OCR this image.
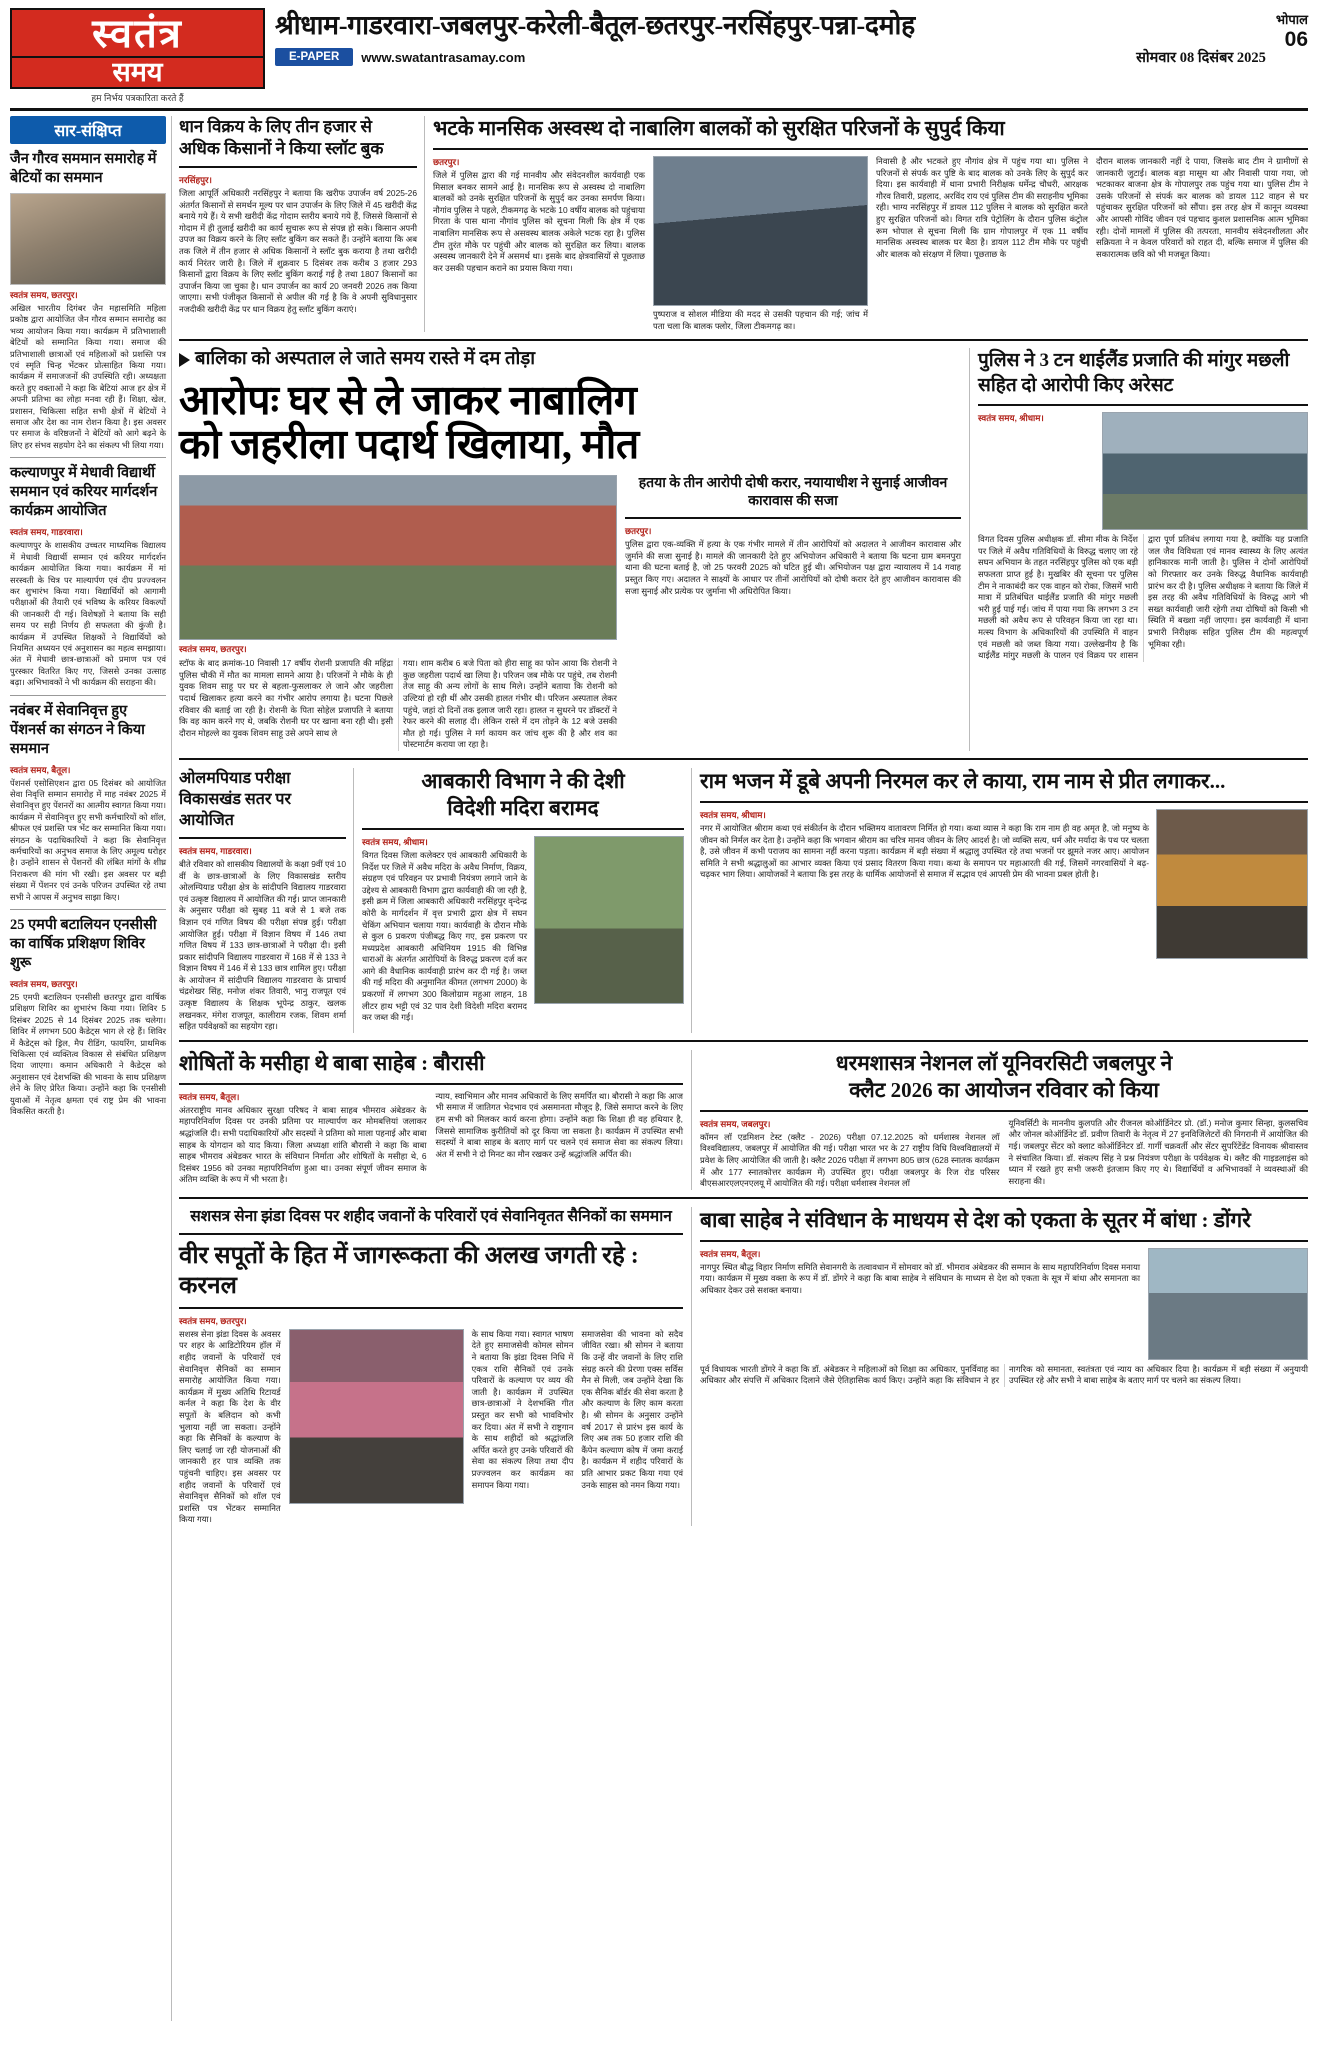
स्वतंत्र
समय
हम निर्भय पत्रकारिता करते हैं
श्रीधाम-गाडरवारा-जबलपुर-करेली-बैतूल-छतरपुर-नरसिंहपुर-पन्ना-दमोह
E-PAPER	www.swatantrasamay.com	सोमवार 08 दिसंबर 2025
भोपाल
06
सार-संक्षिप्त
जैन गौरव सममान समारोह में बेटियों का सममान
स्वतंत्र समय, छतरपुर।
अखिल भारतीय दिगंबर जैन महासमिति महिला प्रकोष्ठ द्वारा आयोजित जैन गौरव सम्मान समारोह का भव्य आयोजन किया गया। कार्यक्रम में प्रतिभाशाली बेटियों को सम्मानित किया गया। समाज की प्रतिभाशाली छात्राओं एवं महिलाओं को प्रशस्ति पत्र एवं स्मृति चिन्ह भेंटकर प्रोत्साहित किया गया। कार्यक्रम में समाजजनों की उपस्थिति रही। अध्यक्षता करते हुए वक्ताओं ने कहा कि बेटियां आज हर क्षेत्र में अपनी प्रतिभा का लोहा मनवा रही हैं। शिक्षा, खेल, प्रशासन, चिकित्सा सहित सभी क्षेत्रों में बेटियों ने समाज और देश का नाम रोशन किया है। इस अवसर पर समाज के वरिष्ठजनों ने बेटियों को आगे बढ़ने के लिए हर संभव सहयोग देने का संकल्प भी लिया गया।
कल्याणपुर में मेधावी विद्यार्थी सममान एवं करियर मार्गदर्शन कार्यक्रम आयोजित
स्वतंत्र समय, गाडरवारा।
कल्याणपुर के शासकीय उच्चतर माध्यमिक विद्यालय में मेधावी विद्यार्थी सम्मान एवं करियर मार्गदर्शन कार्यक्रम आयोजित किया गया। कार्यक्रम में मां सरस्वती के चित्र पर माल्यार्पण एवं दीप प्रज्ज्वलन कर शुभारंभ किया गया। विद्यार्थियों को आगामी परीक्षाओं की तैयारी एवं भविष्य के करियर विकल्पों की जानकारी दी गई। विशेषज्ञों ने बताया कि सही समय पर सही निर्णय ही सफलता की कुंजी है। कार्यक्रम में उपस्थित शिक्षकों ने विद्यार्थियों को नियमित अध्ययन एवं अनुशासन का महत्व समझाया। अंत में मेधावी छात्र-छात्राओं को प्रमाण पत्र एवं पुरस्कार वितरित किए गए, जिससे उनका उत्साह बढ़ा। अभिभावकों ने भी कार्यक्रम की सराहना की।
नवंबर में सेवानिवृत्त हुए पेंशनर्स का संगठन ने किया सममान
स्वतंत्र समय, बैतूल।
पेंशनर्स एसोसिएशन द्वारा 05 दिसंबर को आयोजित सेवा निवृत्ति सम्मान समारोह में माह नवंबर 2025 में सेवानिवृत्त हुए पेंशनरों का आत्मीय स्वागत किया गया। कार्यक्रम में सेवानिवृत्त हुए सभी कर्मचारियों को शॉल, श्रीफल एवं प्रशस्ति पत्र भेंट कर सम्मानित किया गया। संगठन के पदाधिकारियों ने कहा कि सेवानिवृत्त कर्मचारियों का अनुभव समाज के लिए अमूल्य धरोहर है। उन्होंने शासन से पेंशनरों की लंबित मांगों के शीघ्र निराकरण की मांग भी रखी। इस अवसर पर बड़ी संख्या में पेंशनर एवं उनके परिजन उपस्थित रहे तथा सभी ने आपस में अनुभव साझा किए।
25 एमपी बटालियन एनसीसी का वार्षिक प्रशिक्षण शिविर शुरू
स्वतंत्र समय, छतरपुर।
25 एमपी बटालियन एनसीसी छतरपुर द्वारा वार्षिक प्रशिक्षण शिविर का शुभारंभ किया गया। शिविर 5 दिसंबर 2025 से 14 दिसंबर 2025 तक चलेगा। शिविर में लगभग 500 कैडेट्स भाग ले रहे हैं। शिविर में कैडेट्स को ड्रिल, मैप रीडिंग, फायरिंग, प्राथमिक चिकित्सा एवं व्यक्तित्व विकास से संबंधित प्रशिक्षण दिया जाएगा। कमान अधिकारी ने कैडेट्स को अनुशासन एवं देशभक्ति की भावना के साथ प्रशिक्षण लेने के लिए प्रेरित किया। उन्होंने कहा कि एनसीसी युवाओं में नेतृत्व क्षमता एवं राष्ट्र प्रेम की भावना विकसित करती है।
धान विक्रय के लिए तीन हजार से अधिक किसानों ने किया स्लॉट बुक
नरसिंहपुर।
जिला आपूर्ति अधिकारी नरसिंहपुर ने बताया कि खरीफ उपार्जन वर्ष 2025-26 अंतर्गत किसानों से समर्थन मूल्य पर धान उपार्जन के लिए जिले में 45 खरीदी केंद्र बनाये गये हैं। ये सभी खरीदी केंद्र गोदाम स्तरीय बनाये गये हैं, जिससे किसानों से गोदाम में ही तुलाई खरीदी का कार्य सुचारू रूप से संपन्न हो सके। किसान अपनी उपज का विक्रय करने के लिए स्लॉट बुकिंग कर सकते हैं। उन्होंने बताया कि अब तक जिले में तीन हजार से अधिक किसानों ने स्लॉट बुक कराया है तथा खरीदी कार्य निरंतर जारी है। जिले में शुक्रवार 5 दिसंबर तक करीब 3 हजार 293 किसानों द्वारा विक्रय के लिए स्लॉट बुकिंग कराई गई है तथा 1807 किसानों का उपार्जन किया जा चुका है। धान उपार्जन का कार्य 20 जनवरी 2026 तक किया जाएगा। सभी पंजीकृत किसानों से अपील की गई है कि वे अपनी सुविधानुसार नजदीकी खरीदी केंद्र पर धान विक्रय हेतु स्लॉट बुकिंग कराएं।
भटके मानसिक अस्वस्थ दो नाबालिग बालकों को सुरक्षित परिजनों के सुपुर्द किया
छतरपुर।
जिले में पुलिस द्वारा की गई मानवीय और संवेदनशील कार्यवाही एक मिसाल बनकर सामने आई है। मानसिक रूप से अस्वस्थ दो नाबालिग बालकों को उनके सुरक्षित परिजनों के सुपुर्द कर उनका समर्पण किया। नौगांव पुलिस ने पहले, टीकमगढ़ के भटके 10 वर्षीय बालक को पहुंचाया गिरता के पास थाना नौगांव पुलिस को सूचना मिली कि क्षेत्र में एक नाबालिग मानसिक रूप से असवस्थ बालक अकेले भटक रहा है। पुलिस टीम तुरंत मौके पर पहुंची और बालक को सुरक्षित कर लिया। बालक अस्वस्थ जानकारी देने में असमर्थ था। इसके बाद क्षेत्रवासियों से पूछताछ कर उसकी पहचान कराने का प्रयास किया गया।
पुष्पराज व सोशल मीडिया की मदद से उसकी पहचान की गई; जांच में पता चला कि बालक फ्लोर, जिला टीकमगढ़ का।
निवासी है और भटकते हुए नौगांव क्षेत्र में पहुंच गया था। पुलिस ने परिजनों से संपर्क कर पुष्टि के बाद बालक को उनके लिए के सुपुर्द कर दिया। इस कार्यवाही में थाना प्रभारी निरीक्षक धर्मेन्द्र चौधरी, आरक्षक गौरव तिवारी, प्रहलाद, अरविंद राय एवं पुलिस टीम की सराहनीय भूमिका रही। भाग्य नरसिंहपुर में डायल 112 पुलिस ने बालक को सुरक्षित करते हुए सुरक्षित परिजनों को। विगत रात्रि पेट्रोलिंग के दौरान पुलिस कंट्रोल रूम भोपाल से सूचना मिली कि ग्राम गोपालपुर में एक 11 वर्षीय मानसिक अस्वस्थ बालक घर बैठा है। डायल 112 टीम मौके पर पहुंची और बालक को संरक्षण में लिया। पूछताछ के
दौरान बालक जानकारी नहीं दे पाया, जिसके बाद टीम ने ग्रामीणों से जानकारी जुटाई। बालक बड़ा मासूम था और निवासी पाया गया, जो भटकाकर बाजना क्षेत्र के गोपालपुर तक पहुंच गया था। पुलिस टीम ने उसके परिजनों से संपर्क कर बालक को डायल 112 वाहन से घर पहुंचाकर सुरक्षित परिजनों को सौंपा। इस तरह क्षेत्र में कानून व्यवस्था और आपसी गोविंद जीवन एवं पहचाद कुशल प्रशासनिक आत्म भूमिका रही। दोनों मामलों में पुलिस की तत्परता, मानवीय संवेदनशीलता और सक्रियता ने न केवल परिवारों को राहत दी, बल्कि समाज में पुलिस की सकारात्मक छवि को भी मजबूत किया।
बालिका को अस्पताल ले जाते समय रास्ते में दम तोड़ा
आरोपः घर से ले जाकर नाबालिग
को जहरीला पदार्थ खिलाया, मौत
स्वतंत्र समय, छतरपुर।
स्टॉफ के बाद क्रमांक-10 निवासी 17 वर्षीय रोशनी प्रजापति की महिंद्रा पुलिस चौकी में मौत का मामला सामने आया है। परिजनों ने मौके के ही युवक शिवम साहू पर घर से बहला-फुसलाकर ले जाने और जहरीला पदार्थ खिलाकर हत्या करने का गंभीर आरोप लगाया है। घटना पिछले रविवार की बताई जा रही है। रोशनी के पिता सोहेल प्रजापति ने बताया कि वह काम करने गए थे, जबकि रोशनी घर पर खाना बना रही थी। इसी दौरान मोहल्ले का युवक शिवम साहू उसे अपने साथ ले
गया। शाम करीब 6 बजे पिता को हीरा साहू का फोन आया कि रोशनी ने कुछ जहरीला पदार्थ खा लिया है। परिजन जब मौके पर पहुंचे, तब रोशनी तेज साहू की अन्य लोगों के साथ मिले। उन्होंने बताया कि रोशनी को उल्टियां हो रही थीं और उसकी हालत गंभीर थी। परिजन अस्पताल लेकर पहुंचे, जहां दो दिनों तक इलाज जारी रहा। हालत न सुधरने पर डॉक्टरों ने रेफर करने की सलाह दी। लेकिन रास्ते में दम तोड़ने के 12 बजे उसकी मौत हो गई। पुलिस ने मर्ग कायम कर जांच शुरू की है और शव का पोस्टमार्टम कराया जा रहा है।
हतया के तीन आरोपी दोषी करार, नयायाधीश ने सुनाई आजीवन कारावास की सजा
छतरपुर।
पुलिस द्वारा एक-व्यक्ति में हत्या के एक गंभीर मामले में तीन आरोपियों को अदालत ने आजीवन कारावास और जुर्माने की सजा सुनाई है। मामले की जानकारी देते हुए अभियोजन अधिकारी ने बताया कि घटना ग्राम बमनपुरा थाना की घटना बताई है, जो 25 फरवरी 2025 को घटित हुई थी। अभियोजन पक्ष द्वारा न्यायालय में 14 गवाह प्रस्तुत किए गए। अदालत ने साक्ष्यों के आधार पर तीनों आरोपियों को दोषी करार देते हुए आजीवन कारावास की सजा सुनाई और प्रत्येक पर जुर्माना भी अधिरोपित किया।
पुलिस ने 3 टन थाईलैंड प्रजाति की मांगुर मछली सहित दो आरोपी किए अरेसट
स्वतंत्र समय, श्रीधाम।
विगत दिवस पुलिस अधीक्षक डॉ. सीमा मीक के निर्देश पर जिले में अवैध गतिविधियों के विरुद्ध चलाए जा रहे सघन अभियान के तहत नरसिंहपुर पुलिस को एक बड़ी सफलता प्राप्त हुई है। मुखबिर की सूचना पर पुलिस टीम ने नाकाबंदी कर एक वाहन को रोका, जिसमें भारी मात्रा में प्रतिबंधित थाईलैंड प्रजाति की मांगुर मछली भरी हुई पाई गई। जांच में पाया गया कि लगभग 3 टन मछली को अवैध रूप से परिवहन किया जा रहा था। मत्स्य विभाग के अधिकारियों की उपस्थिति में वाहन एवं मछली को जब्त किया गया। उल्लेखनीय है कि थाईलैंड मांगुर मछली के पालन एवं विक्रय पर शासन द्वारा पूर्ण प्रतिबंध लगाया गया है, क्योंकि यह प्रजाति जल जैव विविधता एवं मानव स्वास्थ्य के लिए अत्यंत हानिकारक मानी जाती है। पुलिस ने दोनों आरोपियों को गिरफ्तार कर उनके विरुद्ध वैधानिक कार्यवाही प्रारंभ कर दी है। पुलिस अधीक्षक ने बताया कि जिले में इस तरह की अवैध गतिविधियों के विरुद्ध आगे भी सख्त कार्यवाही जारी रहेगी तथा दोषियों को किसी भी स्थिति में बख्शा नहीं जाएगा। इस कार्यवाही में थाना प्रभारी निरीक्षक सहित पुलिस टीम की महत्वपूर्ण भूमिका रही।
ओलमपियाड परीक्षा विकासखंड सतर पर आयोजित
स्वतंत्र समय, गाडरवारा।
बीते रविवार को शासकीय विद्यालयों के कक्षा 9वीं एवं 10 वीं के छात्र-छात्राओं के लिए विकासखंड स्तरीय ओलम्पियाड परीक्षा क्षेत्र के सांदीपनि विद्यालय गाडरवारा एवं उत्कृष्ट विद्यालय में आयोजित की गई। प्राप्त जानकारी के अनुसार परीक्षा को सुबह 11 बजे से 1 बजे तक विज्ञान एवं गणित विषय की परीक्षा संपन्न हुई। परीक्षा आयोजित हुई। परीक्षा में विज्ञान विषय में 146 तथा गणित विषय में 133 छात्र-छात्राओं ने परीक्षा दी। इसी प्रकार सांदीपनि विद्यालय गाडरवारा में 168 में से 133 ने विज्ञान विषय में 146 में से 133 छात्र शामिल हुए। परीक्षा के आयोजन में सांदीपनि विद्यालय गाडरवारा के प्राचार्य चंद्रशेखर सिंह, मनोज शंकर तिवारी, भानु राजपूत एवं उत्कृष्ट विद्यालय के शिक्षक भूपेन्द्र ठाकुर, खलक लखनकर, मंगेश राजपूत, कालीराम रजक, शिवम शर्मा सहित पर्यवेक्षकों का सहयोग रहा।
आबकारी विभाग ने की देशी
विदेशी मदिरा बरामद
स्वतंत्र समय, श्रीधाम।
विगत दिवस जिला कलेक्टर एवं आबकारी अधिकारी के निर्देश पर जिले में अवैध मदिरा के अवैध निर्माण, विक्रय, संग्रहण एवं परिवहन पर प्रभावी नियंत्रण लगाने जाने के उद्देश्य से आबकारी विभाग द्वारा कार्यवाही की जा रही है, इसी क्रम में जिला आबकारी अधिकारी नरसिंहपुर वृन्देन्द्र कोरी के मार्गदर्शन में वृत्त प्रभारी द्वारा क्षेत्र में सघन चेकिंग अभियान चलाया गया। कार्यवाही के दौरान मौके से कुल 6 प्रकरण पंजीबद्ध किए गए, इस प्रकरण पर मध्यप्रदेश आबकारी अधिनियम 1915 की विभिन्न धाराओं के अंतर्गत आरोपियों के विरुद्ध प्रकरण दर्ज कर आगे की वैधानिक कार्यवाही प्रारंभ कर दी गई है। जब्त की गई मदिरा की अनुमानित कीमत (लगभग 2000) के प्रकरणों में लगभग 300 किलोग्राम महुआ लाहन, 18 लीटर हाथ भट्टी एवं 32 पाव देशी विदेशी मदिरा बरामद कर जब्त की गई।
राम भजन में डूबे अपनी निरमल कर ले काया, राम नाम से प्रीत लगाकर...
स्वतंत्र समय, श्रीधाम।
नगर में आयोजित श्रीराम कथा एवं संकीर्तन के दौरान भक्तिमय वातावरण निर्मित हो गया। कथा व्यास ने कहा कि राम नाम ही वह अमृत है, जो मनुष्य के जीवन को निर्मल कर देता है। उन्होंने कहा कि भगवान श्रीराम का चरित्र मानव जीवन के लिए आदर्श है। जो व्यक्ति सत्य, धर्म और मर्यादा के पथ पर चलता है, उसे जीवन में कभी पराजय का सामना नहीं करना पड़ता। कार्यक्रम में बड़ी संख्या में श्रद्धालु उपस्थित रहे तथा भजनों पर झूमते नजर आए। आयोजन समिति ने सभी श्रद्धालुओं का आभार व्यक्त किया एवं प्रसाद वितरण किया गया। कथा के समापन पर महाआरती की गई, जिसमें नगरवासियों ने बढ़-चढ़कर भाग लिया। आयोजकों ने बताया कि इस तरह के धार्मिक आयोजनों से समाज में सद्भाव एवं आपसी प्रेम की भावना प्रबल होती है।
शोषितों के मसीहा थे बाबा साहेब : बौरासी
स्वतंत्र समय, बैतूल।
अंतरराष्ट्रीय मानव अधिकार सुरक्षा परिषद ने बाबा साहब भीमराव अंबेडकर के महापरिनिर्वाण दिवस पर उनकी प्रतिमा पर माल्यार्पण कर मोमबत्तियां जलाकर श्रद्धांजलि दी। सभी पदाधिकारियों और सदस्यों ने प्रतिमा को माला पहनाई और बाबा साहब के योगदान को याद किया। जिला अध्यक्षा शांति बौरासी ने कहा कि बाबा साहब भीमराव अंबेडकर भारत के संविधान निर्माता और शोषितों के मसीहा थे, 6 दिसंबर 1956 को उनका महापरिनिर्वाण हुआ था। उनका संपूर्ण जीवन समाज के अंतिम व्यक्ति के रूप में भी भरता है।
न्याय, स्वाभिमान और मानव अधिकारों के लिए समर्पित था। बौरासी ने कहा कि आज भी समाज में जातिगत भेदभाव एवं असमानता मौजूद है, जिसे समाप्त करने के लिए हम सभी को मिलकर कार्य करना होगा। उन्होंने कहा कि शिक्षा ही वह हथियार है, जिससे सामाजिक कुरीतियों को दूर किया जा सकता है। कार्यक्रम में उपस्थित सभी सदस्यों ने बाबा साहब के बताए मार्ग पर चलने एवं समाज सेवा का संकल्प लिया। अंत में सभी ने दो मिनट का मौन रखकर उन्हें श्रद्धांजलि अर्पित की।
धरमशासत्र नेशनल लॉ यूनिवरसिटी जबलपुर ने
क्लैट 2026 का आयोजन रविवार को किया
स्वतंत्र समय, जबलपुर।
कॉमन लॉ एडमिशन टेस्ट (क्लैट - 2026) परीक्षा 07.12.2025 को धर्मशास्त्र नेशनल लॉ विश्वविद्यालय, जबलपुर में आयोजित की गई। परीक्षा भारत भर के 27 राष्ट्रीय विधि विश्वविद्यालयों में प्रवेश के लिए आयोजित की जाती है। क्लैट 2026 परीक्षा में लगभग 805 छात्र (628 स्नातक कार्यक्रम में और 177 स्नातकोत्तर कार्यक्रम में) उपस्थित हुए। परीक्षा जबलपुर के रिज रोड परिसर बीएसआरएलएनएलयू में आयोजित की गई। परीक्षा धर्मशास्त्र नेशनल लॉ
यूनिवर्सिटी के माननीय कुलपति और रीजनल कोऑर्डिनेटर प्रो. (डॉ.) मनोज कुमार सिन्हा, कुलसचिव और जोनल कोऑर्डिनेट डॉ. प्रवीण तिवारी के नेतृत्व में 27 इनविजिलेटरों की निगरानी में आयोजित की गई। जबलपुर सेंटर को क्लाट कोऑर्डिनेटर डॉ. गार्गी चक्रवर्ती और सेंटर सुपरिंटेंडेंट विनायक श्रीवास्तव ने संचालित किया। डॉ. संकल्प सिंह ने प्रश्न नियंत्रण परीक्षा के पर्यवेक्षक थे। क्लैट की गाइडलाइंस को ध्यान में रखते हुए सभी जरूरी इंतजाम किए गए थे। विद्यार्थियों व अभिभावकों ने व्यवस्थाओं की सराहना की।
सशसत्र सेना झंडा दिवस पर शहीद जवानों के परिवारों एवं सेवानिवृतत सैनिकों का सममान
वीर सपूतों के हित में जागरूकता की अलख जगती रहे : करनल
स्वतंत्र समय, छतरपुर।
सशस्त्र सेना झंडा दिवस के अवसर पर शहर के आडिटोरियम हॉल में शहीद जवानों के परिवारों एवं सेवानिवृत्त सैनिकों का सम्मान समारोह आयोजित किया गया। कार्यक्रम में मुख्य अतिथि रिटायर्ड कर्नल ने कहा कि देश के वीर सपूतों के बलिदान को कभी भुलाया नहीं जा सकता। उन्होंने कहा कि सैनिकों के कल्याण के लिए चलाई जा रही योजनाओं की जानकारी हर पात्र व्यक्ति तक पहुंचनी चाहिए। इस अवसर पर शहीद जवानों के परिवारों एवं सेवानिवृत्त सैनिकों को शॉल एवं प्रशस्ति पत्र भेंटकर सम्मानित किया गया।
के साथ किया गया। स्वागत भाषण देते हुए समाजसेवी कोमल सोमन ने बताया कि झंडा दिवस निधि में एकत्र राशि सैनिकों एवं उनके परिवारों के कल्याण पर व्यय की जाती है। कार्यक्रम में उपस्थित छात्र-छात्राओं ने देशभक्ति गीत प्रस्तुत कर सभी को भावविभोर कर दिया। अंत में सभी ने राष्ट्रगान के साथ शहीदों को श्रद्धांजलि अर्पित करते हुए उनके परिवारों की सेवा का संकल्प लिया तथा दीप प्रज्ज्वलन कर कार्यक्रम का समापन किया गया।
समाजसेवा की भावना को सदैव जीवित रखा। श्री सोमन ने बताया कि उन्हें वीर जवानों के लिए राशि संग्रह करने की प्रेरणा एक्स सर्विस मैन से मिली, जब उन्होंने देखा कि एक सैनिक बॉर्डर की सेवा करता है और कल्याण के लिए काम करता है। श्री सोमन के अनुसार उन्होंने वर्ष 2017 से प्रारंभ इस कार्य के लिए अब तक 50 हजार राशि की कैंपेन कल्याण कोष में जमा कराई है। कार्यक्रम में शहीद परिवारों के प्रति आभार प्रकट किया गया एवं उनके साहस को नमन किया गया।
बाबा साहेब ने संविधान के माधयम से देश को एकता के सूतर में बांधा : डोंगरे
स्वतंत्र समय, बैतूल।
नागपुर स्थित बौद्ध विहार निर्माण समिति सेवानगरी के तत्वावधान में सोमवार को डॉ. भीमराव अंबेडकर की सम्मान के साथ महापरिनिर्वाण दिवस मनाया गया। कार्यक्रम में मुख्य वक्ता के रूप में डॉ. डोंगरे ने कहा कि बाबा साहेब ने संविधान के माध्यम से देश को एकता के सूत्र में बांधा और समानता का अधिकार देकर उसे सशक्त बनाया।
पूर्व विधायक भारती डोंगरे ने कहा कि डॉ. अंबेडकर ने महिलाओं को शिक्षा का अधिकार, पुनर्विवाह का अधिकार और संपत्ति में अधिकार दिलाने जैसे ऐतिहासिक कार्य किए। उन्होंने कहा कि संविधान ने हर नागरिक को समानता, स्वतंत्रता एवं न्याय का अधिकार दिया है। कार्यक्रम में बड़ी संख्या में अनुयायी उपस्थित रहे और सभी ने बाबा साहेब के बताए मार्ग पर चलने का संकल्प लिया।
